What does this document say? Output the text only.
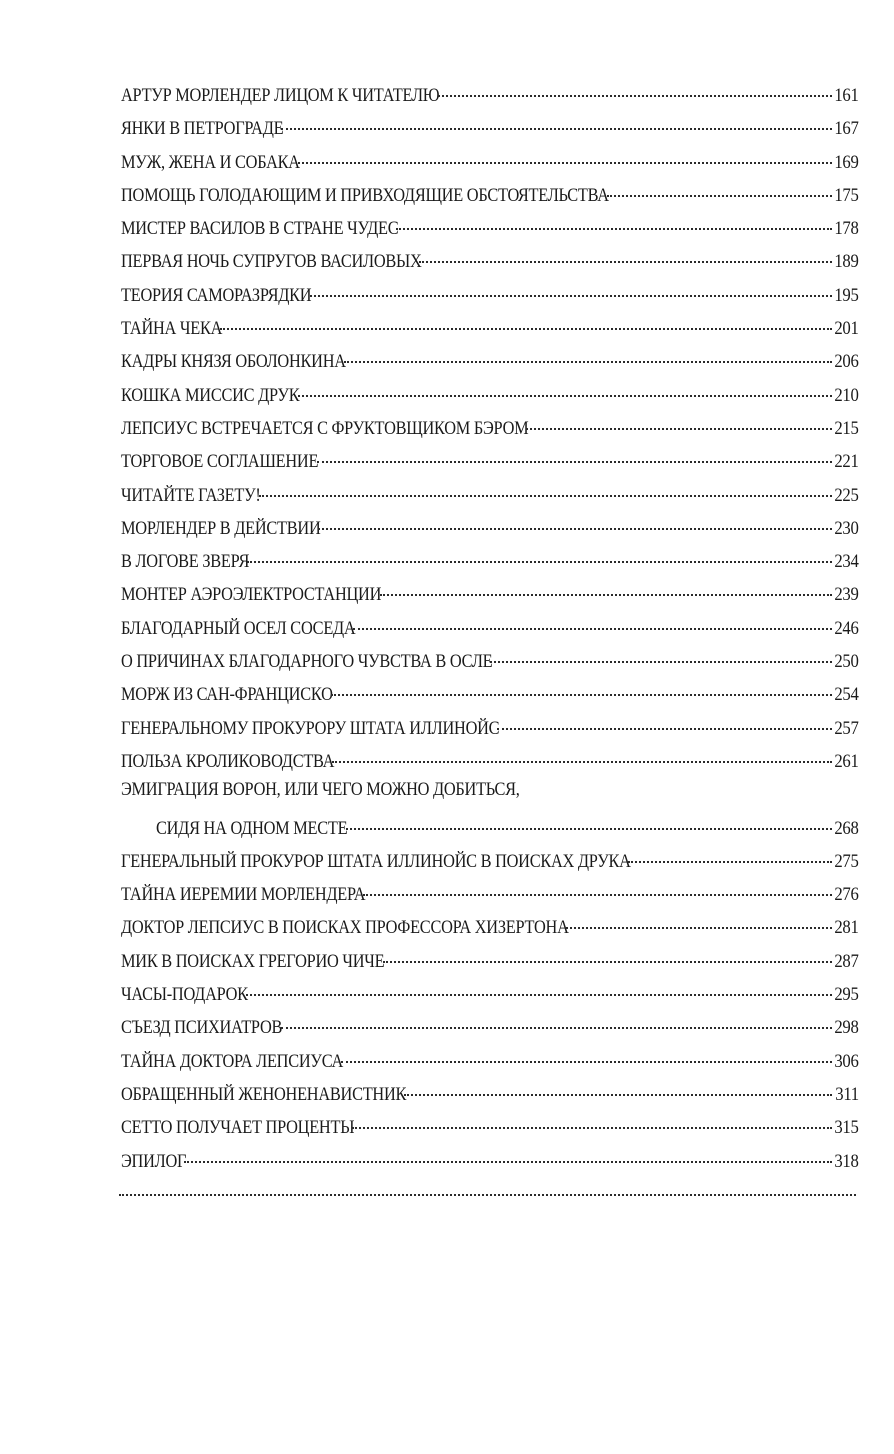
АРТУР МОРЛЕНДЕР ЛИЦОМ К ЧИТАТЕЛЮ	161
ЯНКИ В ПЕТРОГРАДЕ	167
МУЖ, ЖЕНА И СОБАКА	169
ПОМОЩЬ ГОЛОДАЮЩИМ И ПРИВХОДЯЩИЕ ОБСТОЯТЕЛЬСТВА	175
МИСТЕР ВАСИЛОВ В СТРАНЕ ЧУДЕС	178
ПЕРВАЯ НОЧЬ СУПРУГОВ ВАСИЛОВЫХ	189
ТЕОРИЯ САМОРАЗРЯДКИ	195
ТАЙНА ЧЕКА	201
КАДРЫ КНЯЗЯ ОБОЛОНКИНА	206
КОШКА МИССИС ДРУК	210
ЛЕПСИУС ВСТРЕЧАЕТСЯ С ФРУКТОВЩИКОМ БЭРОМ	215
ТОРГОВОЕ СОГЛАШЕНИЕ	221
ЧИТАЙТЕ ГАЗЕТУ!	225
МОРЛЕНДЕР В ДЕЙСТВИИ	230
В ЛОГОВЕ ЗВЕРЯ	234
МОНТЕР АЭРОЭЛЕКТРОСТАНЦИИ	239
БЛАГОДАРНЫЙ ОСЕЛ СОСЕДА	246
О ПРИЧИНАХ БЛАГОДАРНОГО ЧУВСТВА В ОСЛЕ	250
МОРЖ ИЗ САН-ФРАНЦИСКО	254
ГЕНЕРАЛЬНОМУ ПРОКУРОРУ ШТАТА ИЛЛИНОЙС	257
ПОЛЬЗА КРОЛИКОВОДСТВА	261
ЭМИГРАЦИЯ ВОРОН, ИЛИ ЧЕГО МОЖНО ДОБИТЬСЯ,
СИДЯ НА ОДНОМ МЕСТЕ	268
ГЕНЕРАЛЬНЫЙ ПРОКУРОР ШТАТА ИЛЛИНОЙС В ПОИСКАХ ДРУКА	275
ТАЙНА ИЕРЕМИИ МОРЛЕНДЕРА	276
ДОКТОР ЛЕПСИУС В ПОИСКАХ ПРОФЕССОРА ХИЗЕРТОНА	281
МИК В ПОИСКАХ ГРЕГОРИО ЧИЧЕ	287
ЧАСЫ-ПОДАРОК	295
СЪЕЗД ПСИХИАТРОВ	298
ТАЙНА ДОКТОРА ЛЕПСИУСА	306
ОБРАЩЕННЫЙ ЖЕНОНЕНАВИСТНИК	311
СЕТТО ПОЛУЧАЕТ ПРОЦЕНТЫ	315
ЭПИЛОГ	318
